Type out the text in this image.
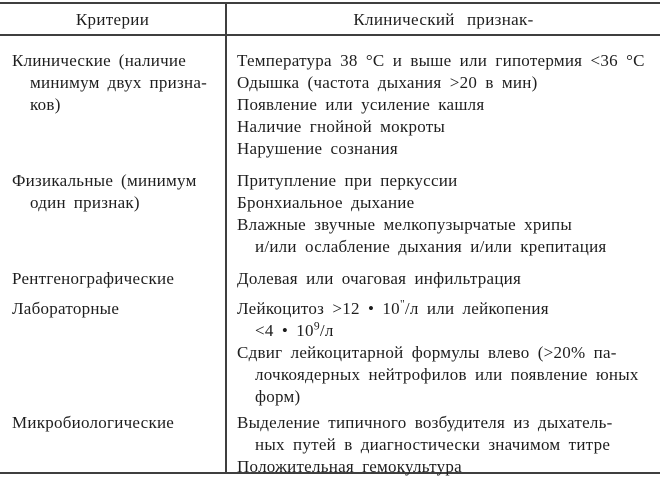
Критерии	Клинический признак-
Клинические (наличие
минимум двух призна-
ков)
Физикальные (минимум
один признак)
Рентгенографические
Лабораторные
Микробиологические
Температура 38 °С и выше или гипотермия <36 °С
Одышка (частота дыхания >20 в мин)
Появление или усиление кашля
Наличие гнойной мокроты
Нарушение сознания
Притупление при перкуссии
Бронхиальное дыхание
Влажные звучные мелкопузырчатые хрипы
и/или ослабление дыхания и/или крепитация
Долевая или очаговая инфильтрация
Лейкоцитоз >12 • 10"/л или лейкопения
<4 • $10^9/л$
Сдвиг лейкоцитарной формулы влево (>20% па-
лочкоядерных нейтрофилов или появление юных
форм)
Выделение типичного возбудителя из дыхатель-
ных путей в диагностически значимом титре
Положительная гемокультура
